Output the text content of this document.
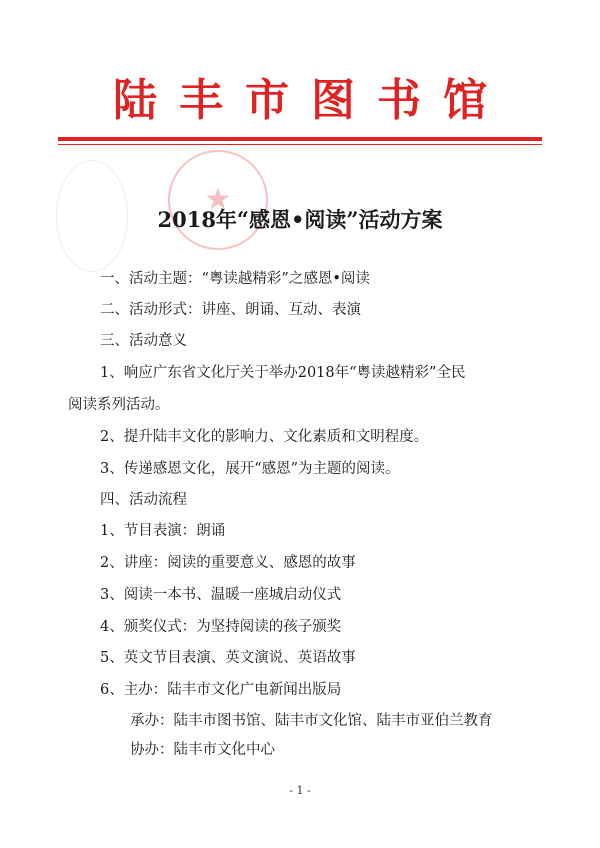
★
陆丰市图书馆
2018年“感恩•阅读”活动方案
一、活动主题：“粤读越精彩”之感恩•阅读
二、活动形式：讲座、朗诵、互动、表演
三、活动意义
1、响应广东省文化厅关于举办2018年“粤读越精彩”全民
阅读系列活动。
2、提升陆丰文化的影响力、文化素质和文明程度。
3、传递感恩文化，展开“感恩”为主题的阅读。
四、活动流程
1、节目表演：朗诵
2、讲座：阅读的重要意义、感恩的故事
3、阅读一本书、温暖一座城启动仪式
4、颁奖仪式：为坚持阅读的孩子颁奖
5、英文节目表演、英文演说、英语故事
6、主办：陆丰市文化广电新闻出版局
承办：陆丰市图书馆、陆丰市文化馆、陆丰市亚伯兰教育
协办：陆丰市文化中心
- 1 -
